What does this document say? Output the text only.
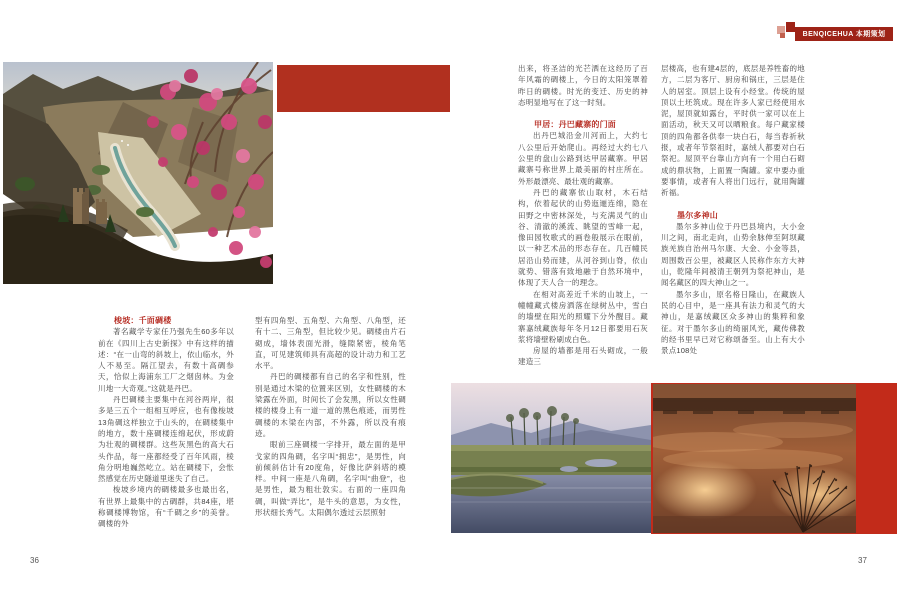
BENQICEHUA 本期策划
梭坡：千面碉楼

著名藏学专家任乃强先生60多年以前在《四川上古史新探》中有这样的描述：“在一山弯的斜坡上，依山临水，外人不易至。隔江望去，有数十高碉参天，恰似上海浦东工厂之烟囱林。为金川地一大奇观。”这就是丹巴。

丹巴碉楼主要集中在河谷两岸，很多是三五个一组相互呼应，也有像梭坡13角碉这样独立于山头的，在碉楼集中的地方，数十座碉楼连绵起伏，形成蔚为壮观的碉楼群。这些灰黑色的高大石头作品，每一座都经受了百年风雨，棱角分明地巍然屹立。站在碉楼下，会怅然感觉在历史隧道里迷失了自己。

梭坡乡境内的碉楼最多也最出名，有世界上最集中的古碉群，共84座，堪称碉楼博物馆，有“千碉之乡”的美誉。碉楼的外

型有四角型、五角型、六角型、八角型，还有十二、三角型，但比较少见。碉楼由片石砌成，墙体表面光滑，缝隙紧密，棱角笔直，可见建筑师具有高超的设计动力和工艺水平。

丹巴的碉楼都有自己的名字和性别，性别是通过木梁的位置来区别，女性碉楼的木梁露在外面，时间长了会发黑，所以女性碉楼的楼身上有一道一道的黑色痕迹，而男性碉楼的木梁在内部，不外露，所以没有痕迹。

眼前三座碉楼一字排开，最左面的是甲戈家的四角碉，名字叫“拥忠”，是男性，向前倾斜估计有20度角，好像比萨斜塔的模样。中间一座是八角碉，名字叫“曲登”，也是男性，最为粗壮敦实。右面的一座四角碉，叫做“弄比”，是牛头的意思，为女性，形状细长秀气。太阳偶尔透过云层照射

出来，将圣洁的光芒洒在这经历了百年风霜的碉楼上，今日的太阳笼罩着昨日的碉楼。时光的变迁、历史的神态明显地写在了这一时刻。

甲居：丹巴藏寨的门面

出丹巴城沿金川河而上，大约七八公里后开始爬山。再经过大约七八公里的盘山公路到达甲居藏寨。甲居藏寨号称世界上最美丽的村庄所在。外形最漂亮、最壮观的藏寨。

丹巴的藏寨依山取材，木石结构，依着起伏的山势迤逦连绵，隐在田野之中密林深处，与充满灵气的山谷、清澈的溪流、眺望的雪峰一起，像田园牧歌式的画卷般展示在眼前，以一种艺术品的形态存在。几百幢民居沿山势而建，从河谷到山脊，依山就势、错落有致地融于自然环境中，体现了天人合一的理念。

在相对高差近千米的山坡上，一幢幢藏式楼房洒落在绿树丛中，雪白的墙壁在阳光的照耀下分外醒目。藏寨嘉绒藏族每年冬月12日都要用石灰浆将墙壁粉刷成白色。

房屋的墙都是用石头砌成，一般建造三

层楼高，也有建4层的，底层是养牲畜的地方，二层为客厅、厨房和锅庄，三层是住人的居室。顶层上设有小经堂。传统的屋顶以土坯筑成。现在许多人家已经使用水泥，屋顶就如露台，平时供一家可以在上面活动，秋天又可以晒粮食。每户藏家楼顶的四角都各供奉一块白石，每当春祈秋报，或者年节祭祖时，嘉绒人都要对白石祭祀。屋顶平台靠山方向有一个用白石砌成的鼎状物，上面置一陶罐。家中要办重要事情，或者有人将出门远行，就用陶罐祈福。

墨尔多神山

墨尔多神山位于丹巴县境内，大小金川之间，南北走向，山势余脉伸至阿坝藏族羌族自治州马尔康、大金、小金等县，周围数百公里，被藏区人民称作东方大神山，乾隆年间被清王朝列为祭祀神山，是闻名藏区的四大神山之一。

墨尔多山，原名格日隆山，在藏族人民的心目中，是一座具有法力和灵气的大神山，是嘉绒藏区众多神山的集粹和象征。对于墨尔多山的绮丽风光，藏传佛教的经书里早已对它称颂备至。山上有大小景点108处

36	37
